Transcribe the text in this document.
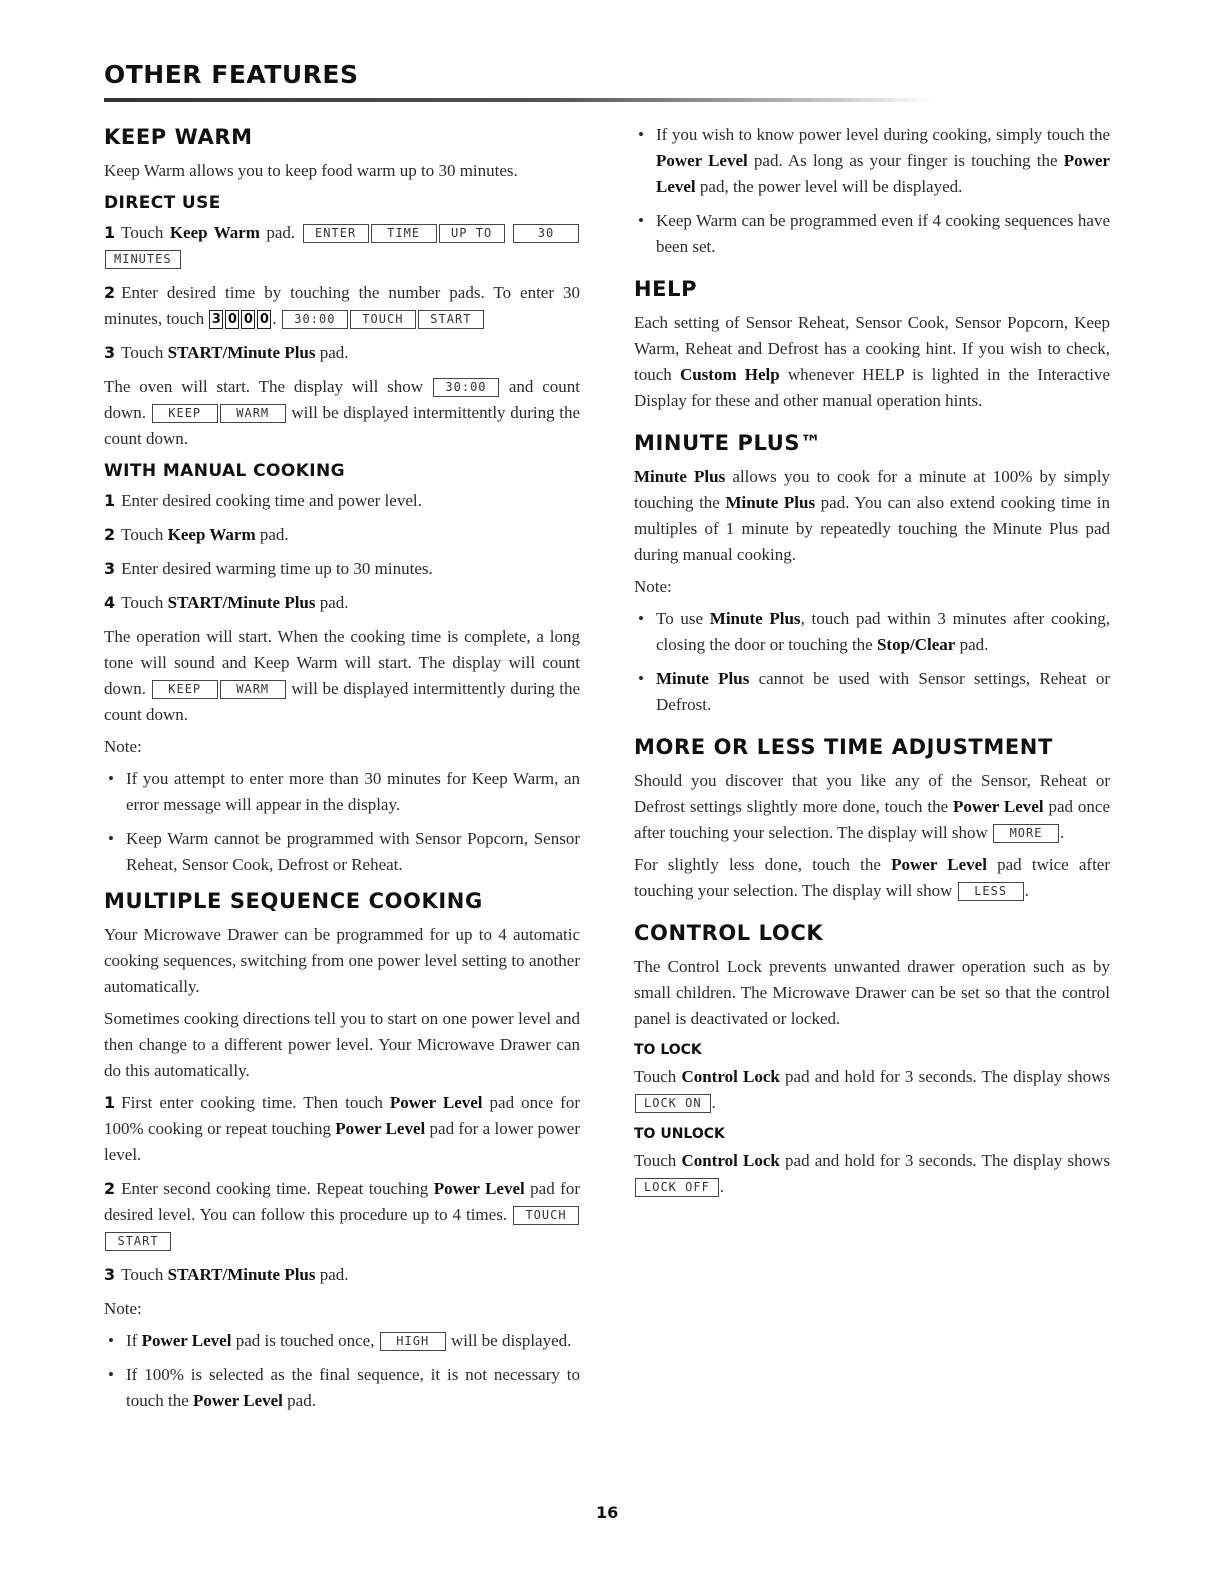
OTHER FEATURES
KEEP WARM

Keep Warm allows you to keep food warm up to 30 minutes.

DIRECT USE
1 Touch Keep Warm pad. ENTER	TIME	UP TO	30MINUTES
2 Enter desired time by touching the number pads. To enter 30 minutes, touch 3 0 0 0 . 30:00 TOUCH START
3 Touch START/Minute Plus pad.

The oven will start. The display will show 30:00 and count down. KEEP	WARM will be displayed intermittently during the count down.

WITH MANUAL COOKING
1 Enter desired cooking time and power level.
2 Touch Keep Warm pad.
3 Enter desired warming time up to 30 minutes.
4 Touch START/Minute Plus pad.

The operation will start. When the cooking time is complete, a long tone will sound and Keep Warm will start. The display will count down. KEEP	WARM will be displayed intermittently during the count down.

Note:
• If you attempt to enter more than 30 minutes for Keep Warm, an error message will appear in the display.
• Keep Warm cannot be programmed with Sensor Popcorn, Sensor Reheat, Sensor Cook, Defrost or Reheat.
MULTIPLE SEQUENCE COOKING

Your Microwave Drawer can be programmed for up to 4 automatic cooking sequences, switching from one power level setting to another automatically.

Sometimes cooking directions tell you to start on one power level and then change to a different power level. Your Microwave Drawer can do this automatically.

1 First enter cooking time. Then touch Power Level pad once for 100% cooking or repeat touching Power Level pad for a lower power level.
2 Enter second cooking time. Repeat touching Power Level pad for desired level. You can follow this procedure up to 4 times. TOUCHSTART
3 Touch START/Minute Plus pad.
Note:
• If Power Level pad is touched once, HIGH will be displayed.
• If 100% is selected as the final sequence, it is not necessary to touch the Power Level pad.
• If you wish to know power level during cooking, simply touch the Power Level pad. As long as your finger is touching the Power Level pad, the power level will be displayed.
• Keep Warm can be programmed even if 4 cooking sequences have been set.
HELP

Each setting of Sensor Reheat, Sensor Cook, Sensor Popcorn, Keep Warm, Reheat and Defrost has a cooking hint. If you wish to check, touch Custom Help whenever HELP is lighted in the Interactive Display for these and other manual operation hints.

MINUTE PLUS™

Minute Plus allows you to cook for a minute at 100% by simply touching the Minute Plus pad. You can also extend cooking time in multiples of 1 minute by repeatedly touching the Minute Plus pad during manual cooking.

Note:
• To use Minute Plus, touch pad within 3 minutes after cooking, closing the door or touching the Stop/Clear pad.
• Minute Plus cannot be used with Sensor settings, Reheat or Defrost.
MORE OR LESS TIME ADJUSTMENT

Should you discover that you like any of the Sensor, Reheat or Defrost settings slightly more done, touch the Power Level pad once after touching your selection. The display will show MORE .

For slightly less done, touch the Power Level pad twice after touching your selection. The display will show LESS .

CONTROL LOCK

The Control Lock prevents unwanted drawer operation such as by small children. The Microwave Drawer can be set so that the control panel is deactivated or locked.

TO LOCK

Touch Control Lock pad and hold for 3 seconds. The display shows LOCK ON .

TO UNLOCK

Touch Control Lock pad and hold for 3 seconds. The display shows LOCK OFF .

16
